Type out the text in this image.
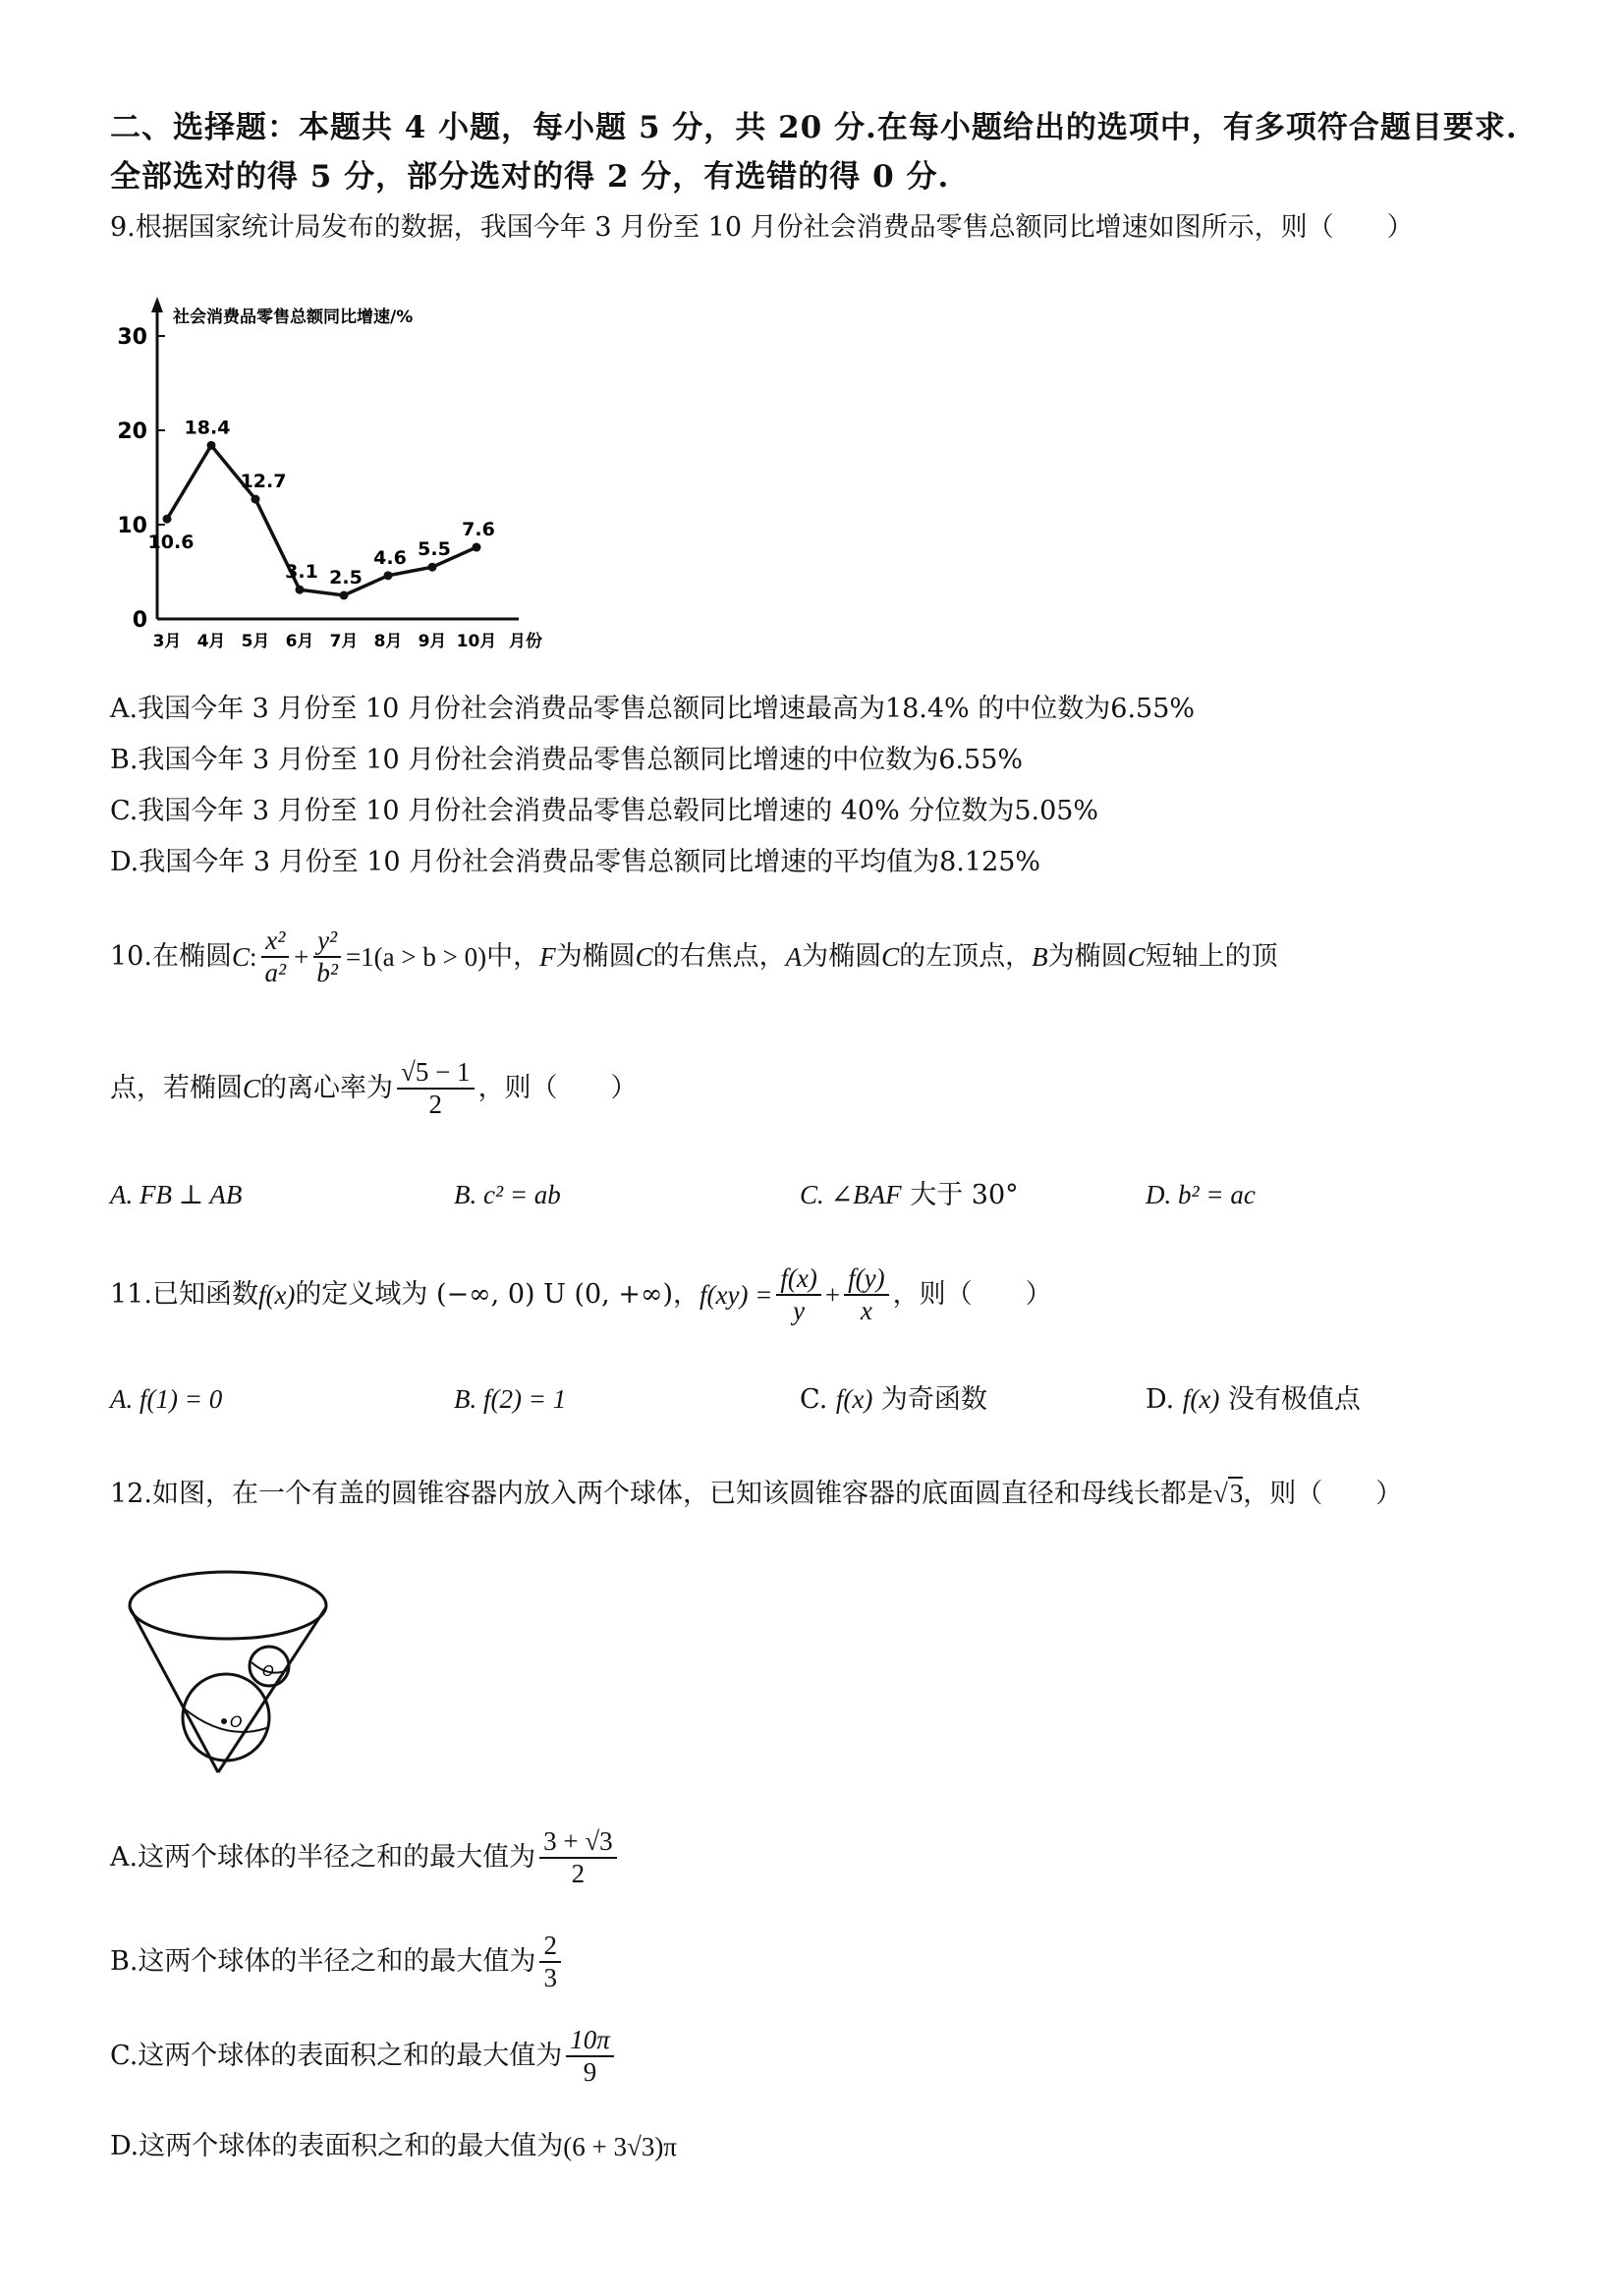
二、选择题：本题共 4 小题，每小题 5 分，共 20 分.在每小题给出的选项中，有多项符合题目要求.
全部选对的得 5 分，部分选对的得 2 分，有选错的得 0 分.
9.根据国家统计局发布的数据，我国今年 3 月份至 10 月份社会消费品零售总额同比增速如图所示，则（　　）
0
10
20
30
社会消费品零售总额同比增速/%
3月 4月 5月 6月 7月 8月 9月 10月 月份
10.6
18.4
12.7
3.1 2.5
4.6 5.5
7.6
A.我国今年 3 月份至 10 月份社会消费品零售总额同比增速最高为18.4% 的中位数为6.55%
B.我国今年 3 月份至 10 月份社会消费品零售总额同比增速的中位数为6.55%
C.我国今年 3 月份至 10 月份社会消费品零售总毂同比增速的 40% 分位数为5.05%
D.我国今年 3 月份至 10 月份社会消费品零售总额同比增速的平均值为8.125%
10.在椭圆 C : $\frac{\text{x²}}{\text{a²}} + \frac{\text{y²}}{\text{b²}} =1(a > b > 0)$ 中， F 为椭圆 C 的右焦点， A 为椭圆 C 的左顶点， B 为椭圆 C 短轴上的顶
点，若椭圆 C 的离心率为 $\frac{√5 - 1}{2}$ ，则（　　）
A. FB ⊥ AB	B. c² = ab	C. ∠BAF 大于 30°	D. b² = ac
11.已知函数 f(x) 的定义域为 (−∞, 0) U (0, +∞)， $f(xy) = \frac{f(x)}{y} + \frac{f(y)}{x}$ ，则（　　）
A. f(1) = 0	B. f(2) = 1	C. f(x) 为奇函数	D. f(x) 没有极值点
12.如图，在一个有盖的圆锥容器内放入两个球体，已知该圆锥容器的底面圆直径和母线长都是√3，则（　　）
O
O
A.这两个球体的半径之和的最大值为 $\frac{3 + √3}{2}$
B.这两个球体的半径之和的最大值为 $\frac{2}{3}$
C.这两个球体的表面积之和的最大值为 $\frac{10\pi}{9}$
D.这两个球体的表面积之和的最大值为 (6 + 3√3)π
